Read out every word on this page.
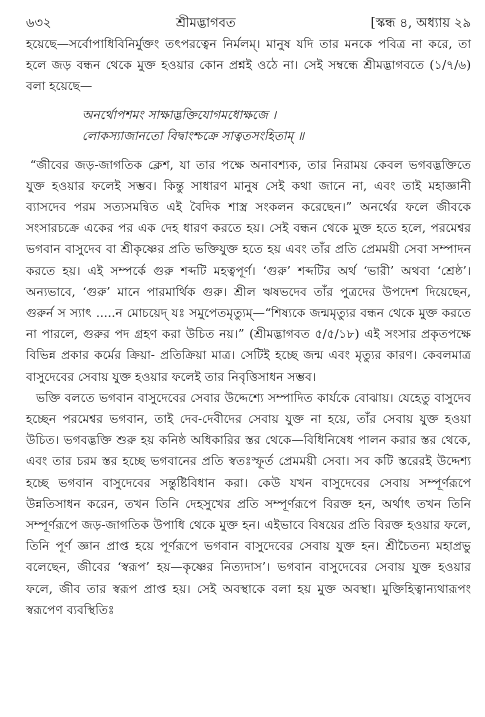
৬৩২	শ্রীমদ্ভাগবত	[স্কন্ধ ৪, অধ্যায় ২৯

হয়েছে—সর্বোপাধিবিনির্মুক্তং তৎপরত্বেন নির্মলম্। মানুষ যদি তার মনকে পবিত্র না করে, তা হলে জড় বন্ধন থেকে মুক্ত হওয়ার কোন প্রশ্নই ওঠে না। সেই সম্বন্ধে শ্রীমদ্ভাগবতে (১/৭/৬) বলা হয়েছে—

অনর্থোপশমং সাক্ষাদ্ভক্তিযোগমধোক্ষজে ।
লোকস্যাজানতো বিদ্বাংশ্চক্রে সাত্বতসংহিতাম্ ॥

“জীবের জড়-জাগতিক ক্লেশ, যা তার পক্ষে অনাবশ্যক, তার নিরাময় কেবল ভগবদ্ভক্তিতে যুক্ত হওয়ার ফলেই সম্ভব। কিন্তু সাধারণ মানুষ সেই কথা জানে না, এবং তাই মহাজ্ঞানী ব্যাসদেব পরম সত্যসমন্বিত এই বৈদিক শাস্ত্র সংকলন করেছেন।” অনর্থের ফলে জীবকে সংসারচক্রে একের পর এক দেহ ধারণ করতে হয়। সেই বন্ধন থেকে মুক্ত হতে হলে, পরমেশ্বর ভগবান বাসুদেব বা শ্রীকৃষ্ণের প্রতি ভক্তিযুক্ত হতে হয় এবং তাঁর প্রতি প্রেমময়ী সেবা সম্পাদন করতে হয়। এই সম্পর্কে গুরু শব্দটি মহত্বপূর্ণ। ‘গুরু’ শব্দটির অর্থ ‘ভারী’ অথবা ‘শ্রেষ্ঠ’। অন্যভাবে, ‘গুরু’ মানে পারমার্থিক গুরু। শ্রীল ঋষভদেব তাঁর পুত্রদের উপদেশ দিয়েছেন, গুরুর্ন স স্যাৎ .....ন মোচয়েদ্ যঃ সমুপেতমৃত্যুম্—“শিষ্যকে জন্মমৃত্যুর বন্ধন থেকে মুক্ত করতে না পারলে, গুরুর পদ গ্রহণ করা উচিত নয়।” (শ্রীমদ্ভাগবত ৫/৫/১৮) এই সংসার প্রকৃতপক্ষে বিভিন্ন প্রকার কর্মের ক্রিয়া- প্রতিক্রিয়া মাত্র। সেটিই হচ্ছে জন্ম এবং মৃত্যুর কারণ। কেবলমাত্র বাসুদেবের সেবায় যুক্ত হওয়ার ফলেই তার নিবৃত্তিসাধন সম্ভব।

ভক্তি বলতে ভগবান বাসুদেবের সেবার উদ্দেশ্যে সম্পাদিত কার্যকে বোঝায়। যেহেতু বাসুদেব হচ্ছেন পরমেশ্বর ভগবান, তাই দেব-দেবীদের সেবায় যুক্ত না হয়ে, তাঁর সেবায় যুক্ত হওয়া উচিত। ভগবদ্ভক্তি শুরু হয় কনিষ্ঠ অধিকারির স্তর থেকে—বিধিনিষেধ পালন করার স্তর থেকে, এবং তার চরম স্তর হচ্ছে ভগবানের প্রতি স্বতঃস্ফূর্ত প্রেমময়ী সেবা। সব কটি স্তরেরই উদ্দেশ্য হচ্ছে ভগবান বাসুদেবের সন্তুষ্টিবিধান করা। কেউ যখন বাসুদেবের সেবায় সম্পূর্ণরূপে উন্নতিসাধন করেন, তখন তিনি দেহসুখের প্রতি সম্পূর্ণরূপে বিরক্ত হন, অর্থাৎ তখন তিনি সম্পূর্ণরূপে জড়-জাগতিক উপাধি থেকে মুক্ত হন। এইভাবে বিষয়ের প্রতি বিরক্ত হওয়ার ফলে, তিনি পূর্ণ জ্ঞান প্রাপ্ত হয়ে পূর্ণরূপে ভগবান বাসুদেবের সেবায় যুক্ত হন। শ্রীচৈতন্য মহাপ্রভু বলেছেন, জীবের ‘স্বরূপ’ হয়—কৃষ্ণের নিত্যদাস’। ভগবান বাসুদেবের সেবায় যুক্ত হওয়ার ফলে, জীব তার স্বরূপ প্রাপ্ত হয়। সেই অবস্থাকে বলা হয় মুক্ত অবস্থা। মুক্তিহিত্বান্যথারূপং স্বরূপেণ ব্যবস্থিতিঃ
